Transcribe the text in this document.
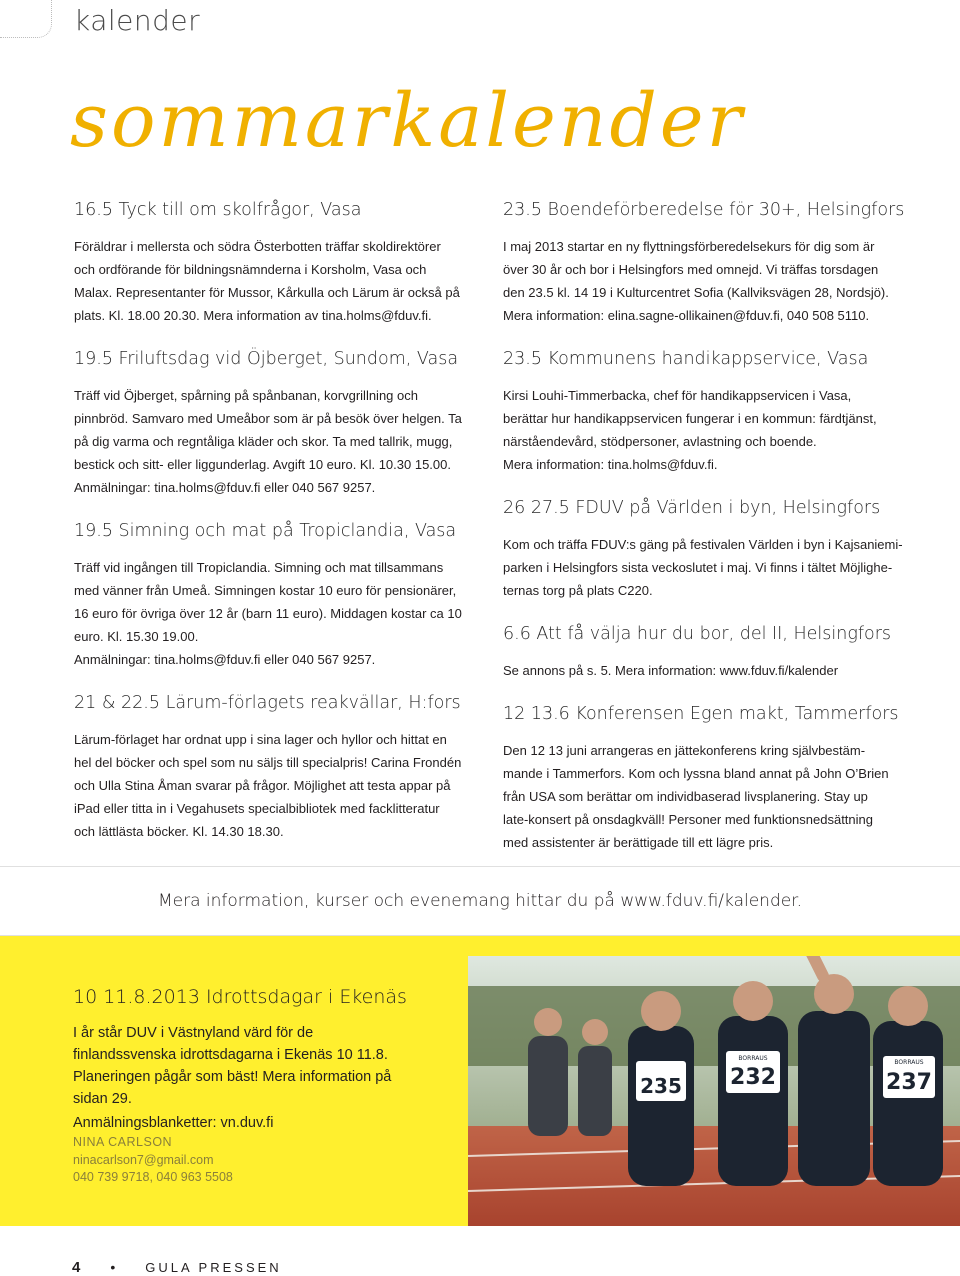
kalender
sommarkalender
16.5 Tyck till om skolfrågor, Vasa

Föräldrar i mellersta och södra Österbotten träffar skoldirektörer

och ordförande för bildningsnämnderna i Korsholm, Vasa och

Malax. Representanter för Mussor, Kårkulla och Lärum är också på

plats. Kl. 18.00 20.30. Mera information av tina.holms@fduv.fi.

19.5 Friluftsdag vid Öjberget, Sundom, Vasa

Träff vid Öjberget, spårning på spånbanan, korvgrillning och

pinnbröd. Samvaro med Umeåbor som är på besök över helgen. Ta

på dig varma och regntåliga kläder och skor. Ta med tallrik, mugg,

bestick och sitt- eller liggunderlag. Avgift 10 euro. Kl. 10.30 15.00.

Anmälningar: tina.holms@fduv.fi eller 040 567 9257.

19.5 Simning och mat på Tropiclandia, Vasa

Träff vid ingången till Tropiclandia. Simning och mat tillsammans

med vänner från Umeå. Simningen kostar 10 euro för pensionärer,

16 euro för övriga över 12 år (barn 11 euro). Middagen kostar ca 10

euro. Kl. 15.30 19.00.

Anmälningar: tina.holms@fduv.fi eller 040 567 9257.

21 & 22.5 Lärum-förlagets reakvällar, H:fors

Lärum-förlaget har ordnat upp i sina lager och hyllor och hittat en

hel del böcker och spel som nu säljs till specialpris! Carina Frondén

och Ulla Stina Åman svarar på frågor. Möjlighet att testa appar på

iPad eller titta in i Vegahusets specialbibliotek med facklitteratur

och lättlästa böcker. Kl. 14.30 18.30.

23.5 Boendeförberedelse för 30+, Helsingfors

I maj 2013 startar en ny flyttningsförberedelsekurs för dig som är

över 30 år och bor i Helsingfors med omnejd. Vi träffas torsdagen

den 23.5 kl. 14 19 i Kulturcentret Sofia (Kallviksvägen 28, Nordsjö).

Mera information: elina.sagne-ollikainen@fduv.fi, 040 508 5110.

23.5 Kommunens handikappservice, Vasa

Kirsi Louhi-Timmerbacka, chef för handikappservicen i Vasa,

berättar hur handikappservicen fungerar i en kommun: färdtjänst,

närståendevård, stödpersoner, avlastning och boende.

Mera information: tina.holms@fduv.fi.

26 27.5 FDUV på Världen i byn, Helsingfors

Kom och träffa FDUV:s gäng på festivalen Världen i byn i Kajsaniemi-

parken i Helsingfors sista veckoslutet i maj. Vi finns i tältet Möjlighe-

ternas torg på plats C220.

6.6 Att få välja hur du bor, del II, Helsingfors

Se annons på s. 5. Mera information: www.fduv.fi/kalender

12 13.6 Konferensen Egen makt, Tammerfors

Den 12 13 juni arrangeras en jättekonferens kring självbestäm-

mande i Tammerfors. Kom och lyssna bland annat på John O’Brien

från USA som berättar om individbaserad livsplanering. Stay up

late-konsert på onsdagkväll! Personer med funktionsnedsättning

med assistenter är berättigade till ett lägre pris.

Mera information, kurser och evenemang hittar du på www.fduv.fi/kalender.
10 11.8.2013 Idrottsdagar i Ekenäs

I år står DUV i Västnyland värd för de finlandssvenska idrottsdagarna i Ekenäs 10 11.8. Planeringen pågår som bäst! Mera information på sidan 29.

Anmälningsblanketter: vn.duv.fi

NINA CARLSON
ninacarlson7@gmail.com
040 739 9718, 040 963 5508
232	237
235
BORRAUS
BORRAUS
4 • GULA PRESSEN
